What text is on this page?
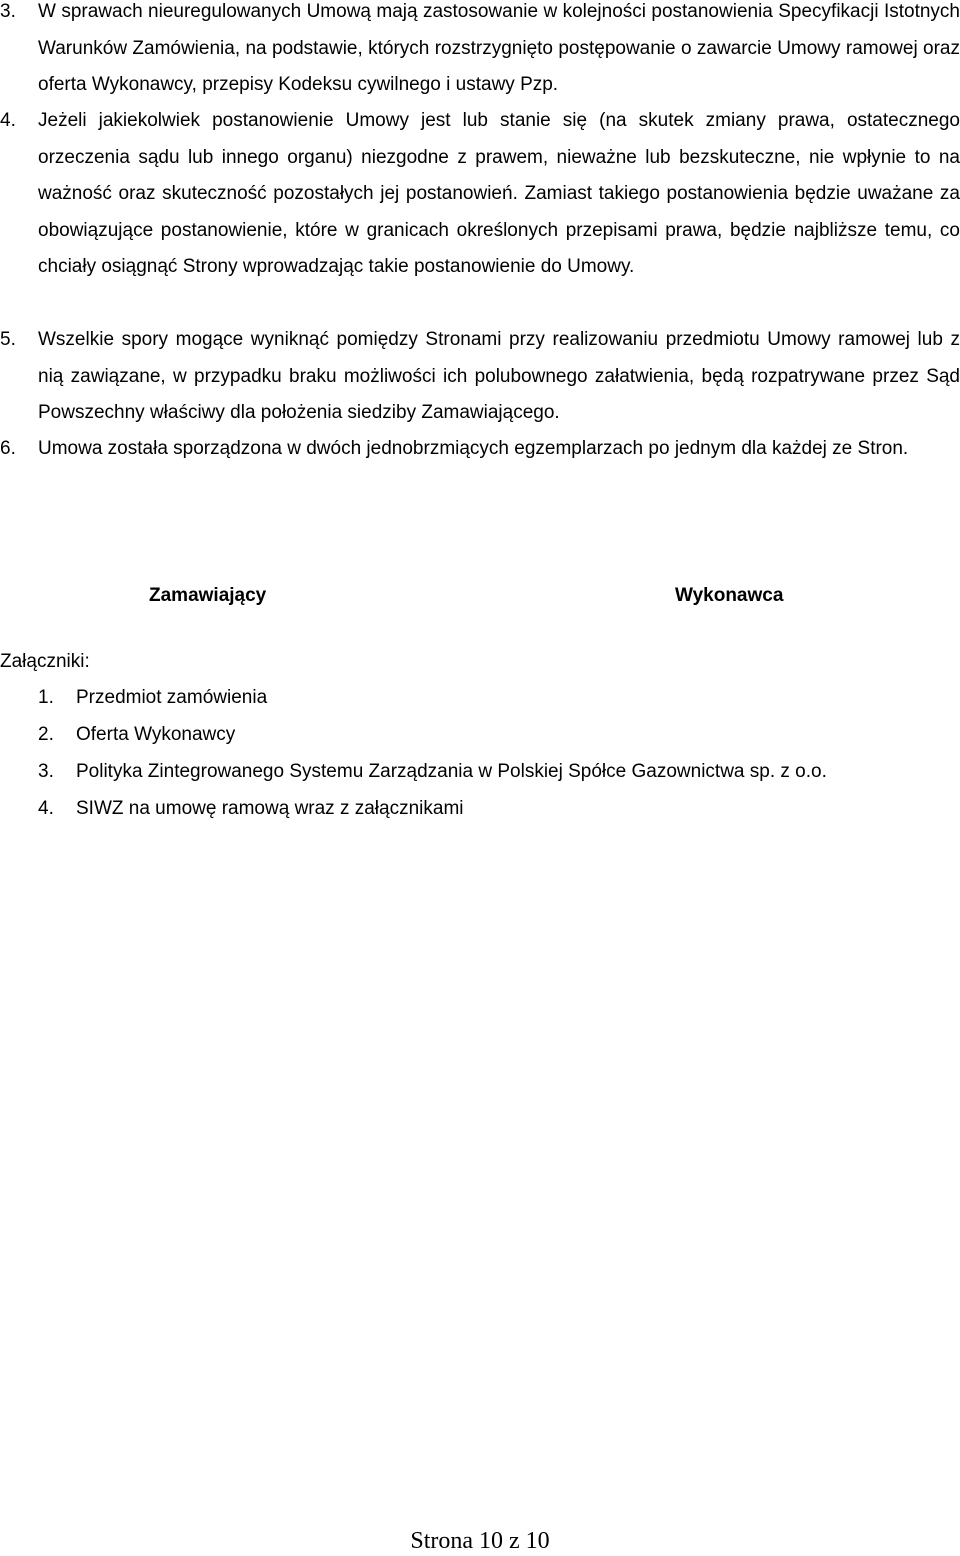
3.	W sprawach nieuregulowanych Umową mają zastosowanie w kolejności postanowienia Specyfikacji Istotnych Warunków Zamówienia, na podstawie, których rozstrzygnięto postępowanie o zawarcie Umowy ramowej oraz oferta Wykonawcy, przepisy Kodeksu cywilnego i ustawy Pzp.
4.	Jeżeli jakiekolwiek postanowienie Umowy jest lub stanie się (na skutek zmiany prawa, ostatecznego orzeczenia sądu lub innego organu) niezgodne z prawem, nieważne lub bezskuteczne, nie wpłynie to na ważność oraz skuteczność pozostałych jej postanowień. Zamiast takiego postanowienia będzie uważane za obowiązujące postanowienie, które w granicach określonych przepisami prawa, będzie najbliższe temu, co chciały osiągnąć Strony wprowadzając takie postanowienie do Umowy.
5.	Wszelkie spory mogące wyniknąć pomiędzy Stronami przy realizowaniu przedmiotu Umowy ramowej lub z nią zawiązane, w przypadku braku możliwości ich polubownego załatwienia, będą rozpatrywane przez Sąd Powszechny właściwy dla położenia siedziby Zamawiającego.
6.	Umowa została sporządzona w dwóch jednobrzmiących egzemplarzach po jednym dla każdej ze Stron.
Zamawiający	Wykonawca
Załączniki:
1. Przedmiot zamówienia
2. Oferta Wykonawcy
3. Polityka Zintegrowanego Systemu Zarządzania w Polskiej Spółce Gazownictwa sp. z o.o.
4. SIWZ na umowę ramową wraz z załącznikami
Strona 10 z 10
